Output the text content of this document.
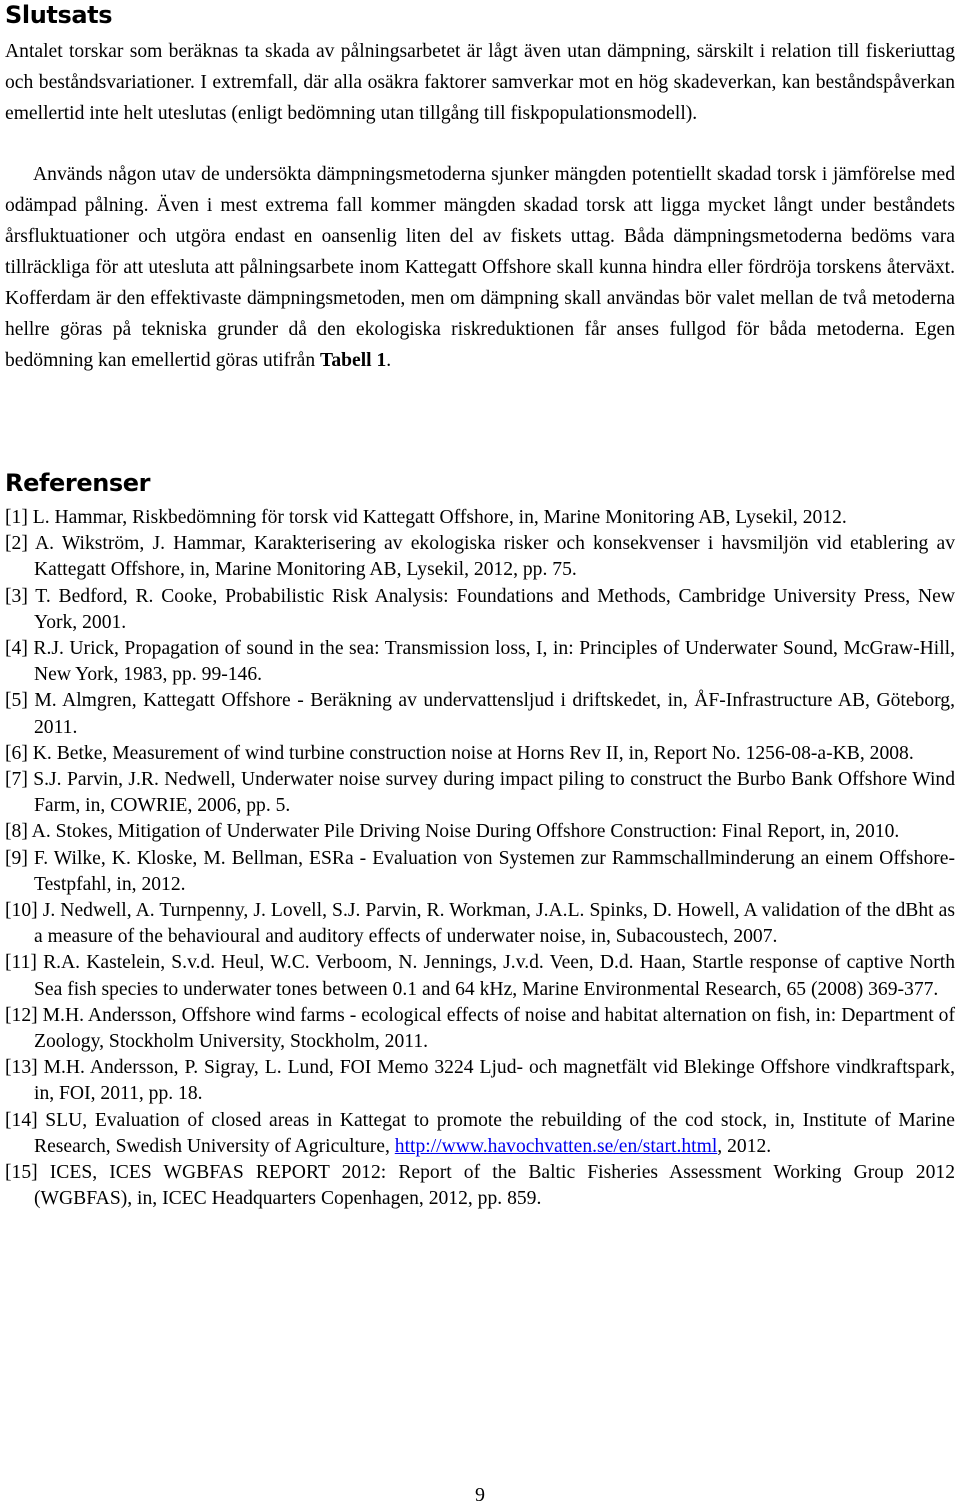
Slutsats

Antalet torskar som beräknas ta skada av pålningsarbetet är lågt även utan dämpning, särskilt i relation till fiskeriuttag och beståndsvariationer. I extremfall, där alla osäkra faktorer samverkar mot en hög skadeverkan, kan beståndspåverkan emellertid inte helt uteslutas (enligt bedömning utan tillgång till fiskpopulationsmodell).

Används någon utav de undersökta dämpningsmetoderna sjunker mängden potentiellt skadad torsk i jämförelse med odämpad pålning. Även i mest extrema fall kommer mängden skadad torsk att ligga mycket långt under beståndets årsfluktuationer och utgöra endast en oansenlig liten del av fiskets uttag. Båda dämpningsmetoderna bedöms vara tillräckliga för att utesluta att pålningsarbete inom Kattegatt Offshore skall kunna hindra eller fördröja torskens återväxt. Kofferdam är den effektivaste dämpningsmetoden, men om dämpning skall användas bör valet mellan de två metoderna hellre göras på tekniska grunder då den ekologiska riskreduktionen får anses fullgod för båda metoderna. Egen bedömning kan emellertid göras utifrån Tabell 1.

Referenser
[1] L. Hammar, Riskbedömning för torsk vid Kattegatt Offshore, in, Marine Monitoring AB, Lysekil, 2012.
[2] A. Wikström, J. Hammar, Karakterisering av ekologiska risker och konsekvenser i havsmiljön vid etablering av Kattegatt Offshore, in, Marine Monitoring AB, Lysekil, 2012, pp. 75.
[3] T. Bedford, R. Cooke, Probabilistic Risk Analysis: Foundations and Methods, Cambridge University Press, New York, 2001.
[4] R.J. Urick, Propagation of sound in the sea: Transmission loss, I, in: Principles of Underwater Sound, McGraw-Hill, New York, 1983, pp. 99-146.
[5] M. Almgren, Kattegatt Offshore - Beräkning av undervattensljud i driftskedet, in, ÅF-Infrastructure AB, Göteborg, 2011.
[6] K. Betke, Measurement of wind turbine construction noise at Horns Rev II, in, Report No. 1256-08-a-KB, 2008.
[7] S.J. Parvin, J.R. Nedwell, Underwater noise survey during impact piling to construct the Burbo Bank Offshore Wind Farm, in, COWRIE, 2006, pp. 5.
[8] A. Stokes, Mitigation of Underwater Pile Driving Noise During Offshore Construction: Final Report, in, 2010.
[9] F. Wilke, K. Kloske, M. Bellman, ESRa - Evaluation von Systemen zur Rammschallminderung an einem Offshore-Testpfahl, in, 2012.
[10] J. Nedwell, A. Turnpenny, J. Lovell, S.J. Parvin, R. Workman, J.A.L. Spinks, D. Howell, A validation of the dBht as a measure of the behavioural and auditory effects of underwater noise, in, Subacoustech, 2007.
[11] R.A. Kastelein, S.v.d. Heul, W.C. Verboom, N. Jennings, J.v.d. Veen, D.d. Haan, Startle response of captive North Sea fish species to underwater tones between 0.1 and 64 kHz, Marine Environmental Research, 65 (2008) 369-377.
[12] M.H. Andersson, Offshore wind farms - ecological effects of noise and habitat alternation on fish, in: Department of Zoology, Stockholm University, Stockholm, 2011.
[13] M.H. Andersson, P. Sigray, L. Lund, FOI Memo 3224 Ljud- och magnetfält vid Blekinge Offshore vindkraftspark, in, FOI, 2011, pp. 18.
[14] SLU, Evaluation of closed areas in Kattegat to promote the rebuilding of the cod stock, in, Institute of Marine Research, Swedish University of Agriculture, http://www.havochvatten.se/en/start.html, 2012.
[15] ICES, ICES WGBFAS REPORT 2012: Report of the Baltic Fisheries Assessment Working Group 2012 (WGBFAS), in, ICEC Headquarters Copenhagen, 2012, pp. 859.
9
